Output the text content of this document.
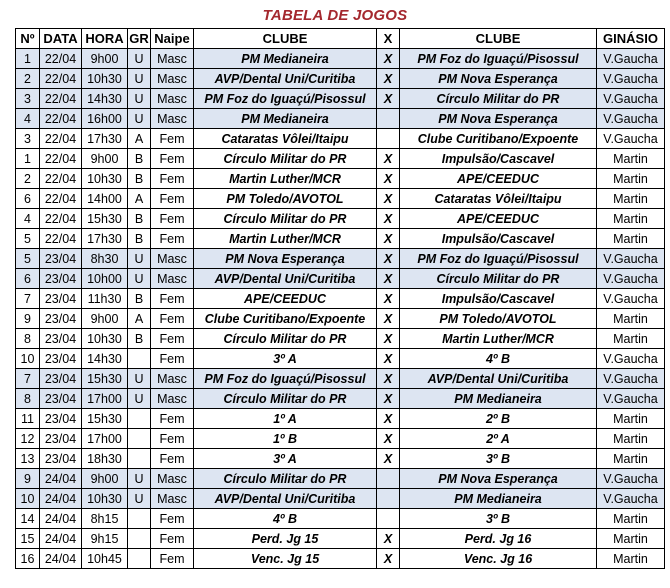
TABELA DE JOGOS
Nº	DATA	HORA	GR	Naipe	CLUBE	X	CLUBE	GINÁSIO
1	22/04	9h00	U	Masc	PM Medianeira	X	PM Foz do Iguaçú/Pisossul	V.Gaucha
2	22/04	10h30	U	Masc	AVP/Dental Uni/Curitiba	X	PM Nova Esperança	V.Gaucha
3	22/04	14h30	U	Masc	PM Foz do Iguaçú/Pisossul	X	Círculo Militar do PR	V.Gaucha
4	22/04	16h00	U	Masc	PM Medianeira		PM Nova Esperança	V.Gaucha
3	22/04	17h30	A	Fem	Cataratas Vôlei/Itaipu		Clube Curitibano/Expoente	V.Gaucha
1	22/04	9h00	B	Fem	Círculo Militar do PR	X	Impulsão/Cascavel	Martin
2	22/04	10h30	B	Fem	Martin Luther/MCR	X	APE/CEEDUC	Martin
6	22/04	14h00	A	Fem	PM Toledo/AVOTOL	X	Cataratas Vôlei/Itaipu	Martin
4	22/04	15h30	B	Fem	Círculo Militar do PR	X	APE/CEEDUC	Martin
5	22/04	17h30	B	Fem	Martin Luther/MCR	X	Impulsão/Cascavel	Martin
5	23/04	8h30	U	Masc	PM Nova Esperança	X	PM Foz do Iguaçú/Pisossul	V.Gaucha
6	23/04	10h00	U	Masc	AVP/Dental Uni/Curitiba	X	Círculo Militar do PR	V.Gaucha
7	23/04	11h30	B	Fem	APE/CEEDUC	X	Impulsão/Cascavel	V.Gaucha
9	23/04	9h00	A	Fem	Clube Curitibano/Expoente	X	PM Toledo/AVOTOL	Martin
8	23/04	10h30	B	Fem	Círculo Militar do PR	X	Martin Luther/MCR	Martin
10	23/04	14h30		Fem	3º A	X	4º B	V.Gaucha
7	23/04	15h30	U	Masc	PM Foz do Iguaçú/Pisossul	X	AVP/Dental Uni/Curitiba	V.Gaucha
8	23/04	17h00	U	Masc	Círculo Militar do PR	X	PM Medianeira	V.Gaucha
11	23/04	15h30		Fem	1º A	X	2º B	Martin
12	23/04	17h00		Fem	1º B	X	2º A	Martin
13	23/04	18h30		Fem	3º A	X	3º B	Martin
9	24/04	9h00	U	Masc	Círculo Militar do PR		PM Nova Esperança	V.Gaucha
10	24/04	10h30	U	Masc	AVP/Dental Uni/Curitiba		PM Medianeira	V.Gaucha
14	24/04	8h15		Fem	4º B		3º B	Martin
15	24/04	9h15		Fem	Perd. Jg 15	X	Perd. Jg 16	Martin
16	24/04	10h45		Fem	Venc. Jg 15	X	Venc. Jg 16	Martin
